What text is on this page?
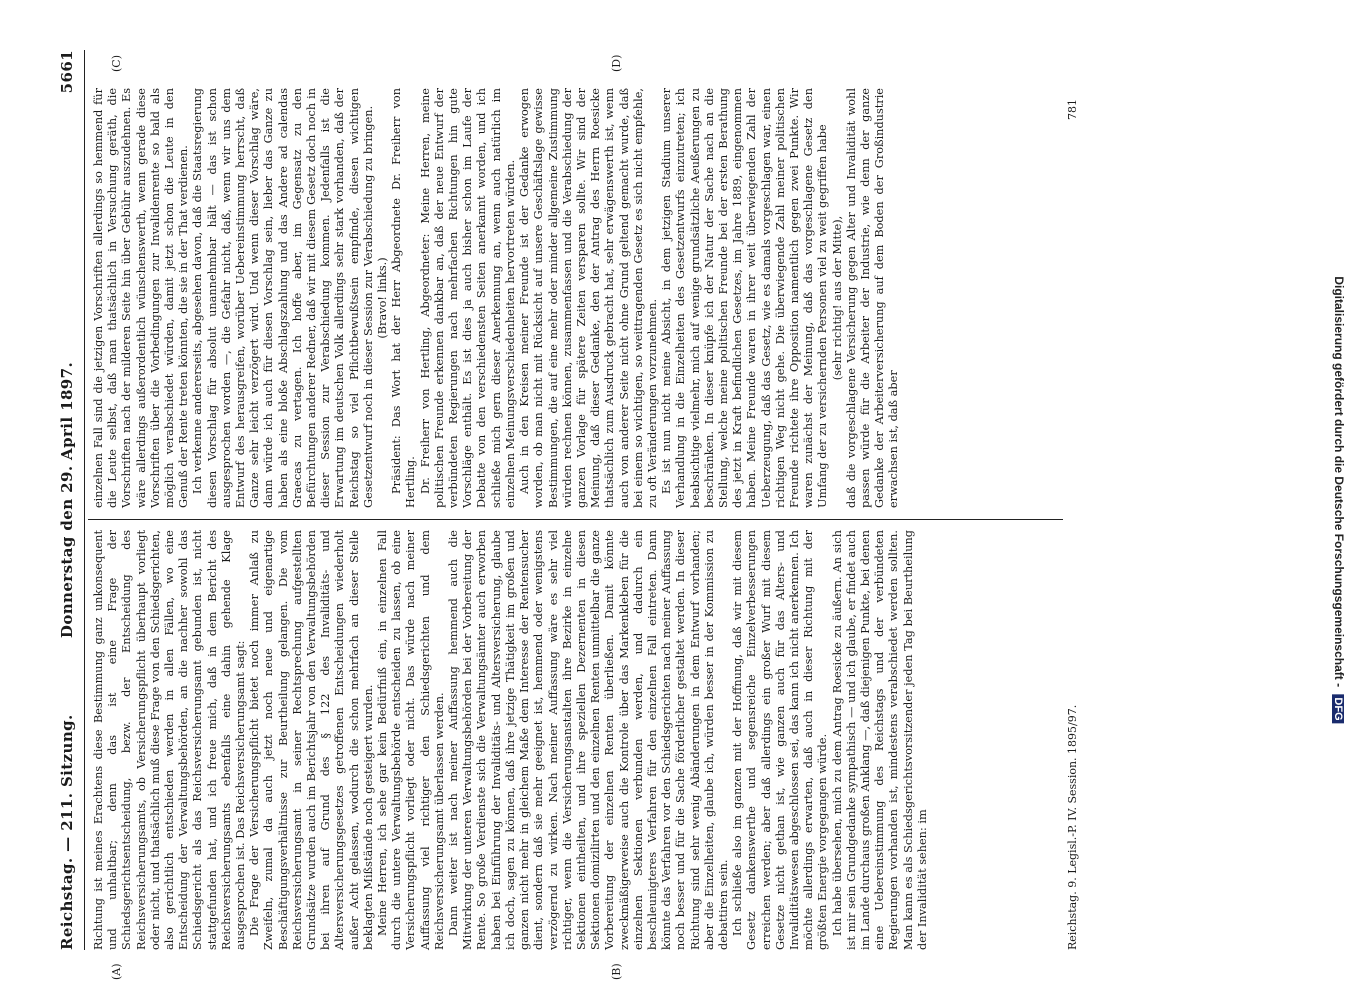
Reichstag. — 211. Sitzung.
Donnerstag den 29. April 1897.
5661
(A)	(B)
(C)	(D)

Richtung ist meines Erachtens diese Bestimmung ganz unkonsequent und unhaltbar; denn das ist eine Frage der Schiedsgerichtsentscheidung, bezw. der Entscheidung des Reichsversicherungsamts, ob Versicherungspflicht überhaupt vorliegt oder nicht, und thatsächlich muß diese Frage von den Schiedsgerichten, also gerichtlich entschieden werden in allen Fällen, wo eine Entscheidung der Verwaltungsbehörden, an die nachher sowohl das Schiedsgericht als das Reichsversicherungsamt gebunden ist, nicht stattgefunden hat, und ich freue mich, daß in dem Bericht des Reichsversicherungsamts ebenfalls eine dahin gehende Klage ausgesprochen ist. Das Reichsversicherungsamt sagt: Die Frage der Versicherungspflicht bietet noch immer Anlaß zu Zweifeln, zumal da auch jetzt noch neue und eigenartige Beschäftigungsverhältnisse zur Beurtheilung gelangen. Die vom Reichsversicherungsamt in seiner Rechtsprechung aufgestellten Grundsätze wurden auch im Berichtsjahr von den Verwaltungsbehörden bei ihren auf Grund des § 122 des Invaliditäts- und Altersversicherungsgesetzes getroffenen Entscheidungen wiederholt außer Acht gelassen, wodurch die schon mehrfach an dieser Stelle beklagten Mißstände noch gesteigert wurden. Meine Herren, ich sehe gar kein Bedürfniß ein, in einzelnen Fall durch die untere Verwaltungsbehörde entscheiden zu lassen, ob eine Versicherungspflicht vorliegt oder nicht. Das würde nach meiner Auffassung viel richtiger den Schiedsgerichten und dem Reichsversicherungsamt überlassen werden. Dann weiter ist nach meiner Auffassung hemmend auch die Mitwirkung der unteren Verwaltungsbehörden bei der Vorbereitung der Rente. So große Verdienste sich die Verwaltungsämter auch erworben haben bei Einführung der Invaliditäts- und Altersversicherung, glaube ich doch, sagen zu können, daß ihre jetzige Thätigkeit im großen und ganzen nicht mehr in gleichem Maße dem Interesse der Rentensucher dient, sondern daß sie mehr geeignet ist, hemmend oder wenigstens verzögernd zu wirken. Nach meiner Auffassung wäre es sehr viel richtiger, wenn die Versicherungsanstalten ihre Bezirke in einzelne Sektionen eintheilten, und ihre speziellen Dezernenten in diesen Sektionen domizilirten und den einzelnen Renten unmittelbar die ganze Vorbereitung der einzelnen Renten überließen. Damit könnte zweckmäßigerweise auch die Kontrole über das Markenkleben für die einzelnen Sektionen verbunden werden, und dadurch ein beschleunigteres Verfahren für den einzelnen Fall eintreten. Dann könnte das Verfahren vor den Schiedsgerichten nach meiner Auffassung noch besser und für die Sache förderlicher gestaltet werden. In dieser Richtung sind sehr wenig Abänderungen in dem Entwurf vorhanden; aber die Einzelheiten, glaube ich, würden besser in der Kommission zu debattiren sein. Ich schließe also im ganzen mit der Hoffnung, daß wir mit diesem Gesetz dankenswerthe und segensreiche Einzelverbesserungen erreichen werden; aber daß allerdings ein großer Wurf mit diesem Gesetze nicht gethan ist, wie ganzen auch für das Alters- und Invaliditätswesen abgeschlossen sei, das kann ich nicht anerkennen. Ich möchte allerdings erwarten, daß auch in dieser Richtung mit der größten Energie vorgegangen würde. Ich habe übersehen, mich zu dem Antrag Roesicke zu äußern. An sich ist mir sein Grundgedanke sympathisch — und ich glaube, er findet auch im Lande durchaus großen Anklang —, daß diejenigen Punkte, bei denen eine Uebereinstimmung des Reichstags und der verbündeten Regierungen vorhanden ist, mindestens verabschiedet werden sollten. Man kann es als Schiedsgerichtsvorsitzender jeden Tag bei Beurtheilung der Invalidität sehen: im

einzelnen Fall sind die jetzigen Vorschriften allerdings so hemmend für die Leute selbst, daß man thatsächlich in Versuchung geräth, die Vorschriften nach der milderen Seite hin über Gebühr auszudehnen. Es wäre allerdings außerordentlich wünschenswerth, wenn gerade diese Vorschriften über die Vorbedingungen zur Invalidenrente so bald als möglich verabschiedet würden, damit jetzt schon die Leute in den Genuß der Rente treten könnten, die sie in der That verdienen. Ich verkenne andererseits, abgesehen davon, daß die Staatsregierung diesen Vorschlag für absolut unannehmbar hält — das ist schon ausgesprochen worden —, die Gefahr nicht, daß, wenn wir uns dem Entwurf des herausgreifen, worüber Uebereinstimmung herrscht, daß Ganze sehr leicht verzögert wird. Und wenn dieser Vorschlag wäre, dann würde ich auch für diesen Vorschlag sein, lieber das Ganze zu haben als eine bloße Abschlagszahlung und das Andere ad calendas Graecas zu vertagen. Ich hoffe aber, im Gegensatz zu den Befürchtungen anderer Redner, daß wir mit diesem Gesetz doch noch in dieser Session zur Verabschiedung kommen. Jedenfalls ist die Erwartung im deutschen Volk allerdings sehr stark vorhanden, daß der Reichstag so viel Pflichtbewußtsein empfinde, diesen wichtigen Gesetzentwurf noch in dieser Session zur Verabschiedung zu bringen. (Bravo! links.) Präsident: Das Wort hat der Herr Abgeordnete Dr. Freiherr von Hertling. Dr. Freiherr von Hertling, Abgeordneter: Meine Herren, meine politischen Freunde erkennen dankbar an, daß der neue Entwurf der verbündeten Regierungen nach mehrfachen Richtungen hin gute Vorschläge enthält. Es ist dies ja auch bisher schon im Laufe der Debatte von den verschiedensten Seiten anerkannt worden, und ich schließe mich gern dieser Anerkennung an, wenn auch natürlich im einzelnen Meinungsverschiedenheiten hervortreten würden. Auch in den Kreisen meiner Freunde ist der Gedanke erwogen worden, ob man nicht mit Rücksicht auf unsere Geschäftslage gewisse Bestimmungen, die auf eine mehr oder minder allgemeine Zustimmung würden rechnen können, zusammenfassen und die Verabschiedung der ganzen Vorlage für spätere Zeiten versparen sollte. Wir sind der Meinung, daß dieser Gedanke, den der Antrag des Herrn Roesicke thatsächlich zum Ausdruck gebracht hat, sehr erwägenswerth ist, wenn auch von anderer Seite nicht ohne Grund geltend gemacht wurde, daß bei einem so wichtigen, so weittragenden Gesetz es sich nicht empfehle, zu oft Veränderungen vorzunehmen. Es ist nun nicht meine Absicht, in dem jetzigen Stadium unserer Verhandlung in die Einzelheiten des Gesetzentwurfs einzutreten; ich beabsichtige vielmehr, mich auf wenige grundsätzliche Aeußerungen zu beschränken. In dieser knüpfe ich der Natur der Sache nach an die Stellung, welche meine politischen Freunde bei der ersten Berathung des jetzt in Kraft befindlichen Gesetzes, im Jahre 1889, eingenommen haben. Meine Freunde waren in ihrer weit überwiegenden Zahl der Ueberzeugung, daß das Gesetz, wie es damals vorgeschlagen war, einen richtigen Weg nicht gehe. Die überwiegende Zahl meiner politischen Freunde richtete ihre Opposition namentlich gegen zwei Punkte. Wir waren zunächst der Meinung, daß das vorgeschlagene Gesetz den Umfang der zu versichernden Personen viel zu weit gegriffen habe (sehr richtig! aus der Mitte), daß die vorgeschlagene Versicherung gegen Alter und Invalidität wohl passen würde für die Arbeiter der Industrie, wie denn der ganze Gedanke der Arbeiterversicherung auf dem Boden der Großindustrie erwachsen ist, daß aber

Reichstag. 9. Legisl.-P. IV. Session. 1895/97.
781
Digitalisierung gefördert durch die Deutsche Forschungsgemeinschaft - DFG
